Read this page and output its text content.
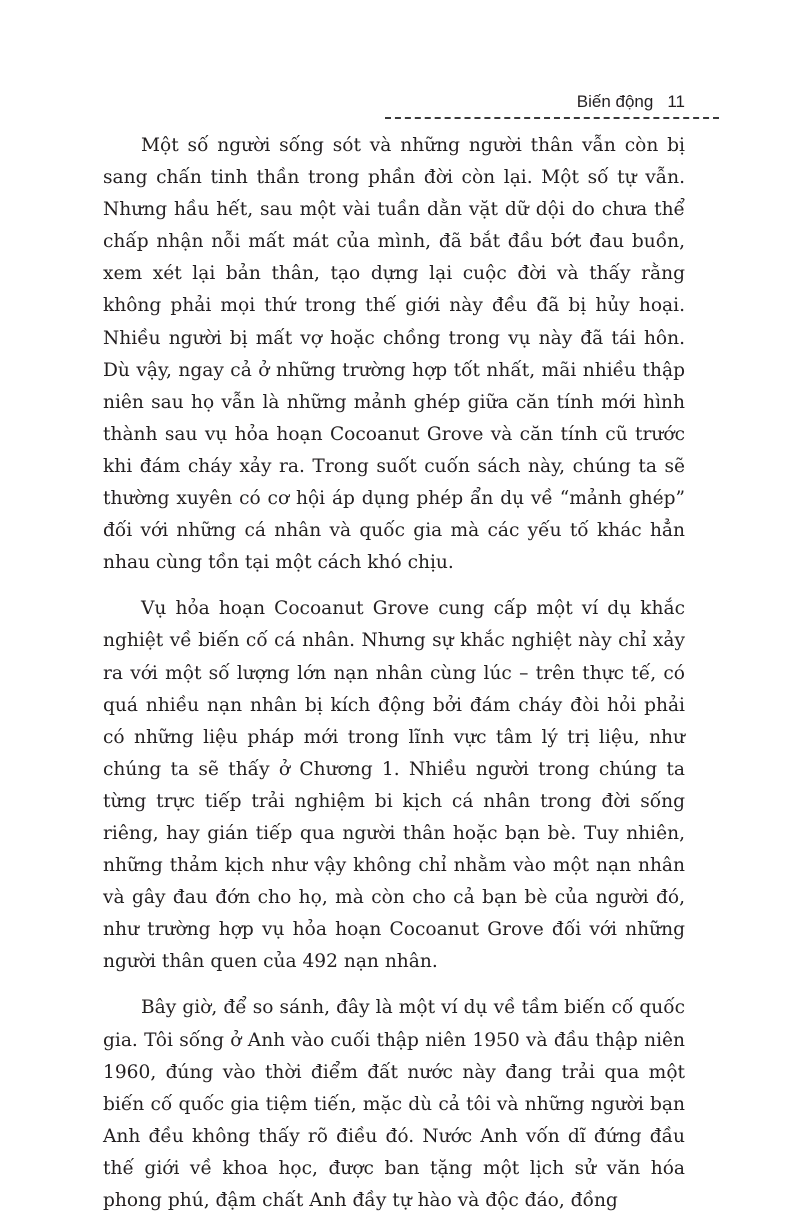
Biến động 11

Một số người sống sót và những người thân vẫn còn bị sang chấn tinh thần trong phần đời còn lại. Một số tự vẫn. Nhưng hầu hết, sau một vài tuần dằn vặt dữ dội do chưa thể chấp nhận nỗi mất mát của mình, đã bắt đầu bớt đau buồn, xem xét lại bản thân, tạo dựng lại cuộc đời và thấy rằng không phải mọi thứ trong thế giới này đều đã bị hủy hoại. Nhiều người bị mất vợ hoặc chồng trong vụ này đã tái hôn. Dù vậy, ngay cả ở những trường hợp tốt nhất, mãi nhiều thập niên sau họ vẫn là những mảnh ghép giữa căn tính mới hình thành sau vụ hỏa hoạn Cocoanut Grove và căn tính cũ trước khi đám cháy xảy ra. Trong suốt cuốn sách này, chúng ta sẽ thường xuyên có cơ hội áp dụng phép ẩn dụ về “mảnh ghép” đối với những cá nhân và quốc gia mà các yếu tố khác hẳn nhau cùng tồn tại một cách khó chịu.

Vụ hỏa hoạn Cocoanut Grove cung cấp một ví dụ khắc nghiệt về biến cố cá nhân. Nhưng sự khắc nghiệt này chỉ xảy ra với một số lượng lớn nạn nhân cùng lúc – trên thực tế, có quá nhiều nạn nhân bị kích động bởi đám cháy đòi hỏi phải có những liệu pháp mới trong lĩnh vực tâm lý trị liệu, như chúng ta sẽ thấy ở Chương 1. Nhiều người trong chúng ta từng trực tiếp trải nghiệm bi kịch cá nhân trong đời sống riêng, hay gián tiếp qua người thân hoặc bạn bè. Tuy nhiên, những thảm kịch như vậy không chỉ nhằm vào một nạn nhân và gây đau đớn cho họ, mà còn cho cả bạn bè của người đó, như trường hợp vụ hỏa hoạn Cocoanut Grove đối với những người thân quen của 492 nạn nhân.

Bây giờ, để so sánh, đây là một ví dụ về tầm biến cố quốc gia. Tôi sống ở Anh vào cuối thập niên 1950 và đầu thập niên 1960, đúng vào thời điểm đất nước này đang trải qua một biến cố quốc gia tiệm tiến, mặc dù cả tôi và những người bạn Anh đều không thấy rõ điều đó. Nước Anh vốn dĩ đứng đầu thế giới về khoa học, được ban tặng một lịch sử văn hóa phong phú, đậm chất Anh đầy tự hào và độc đáo, đồng
